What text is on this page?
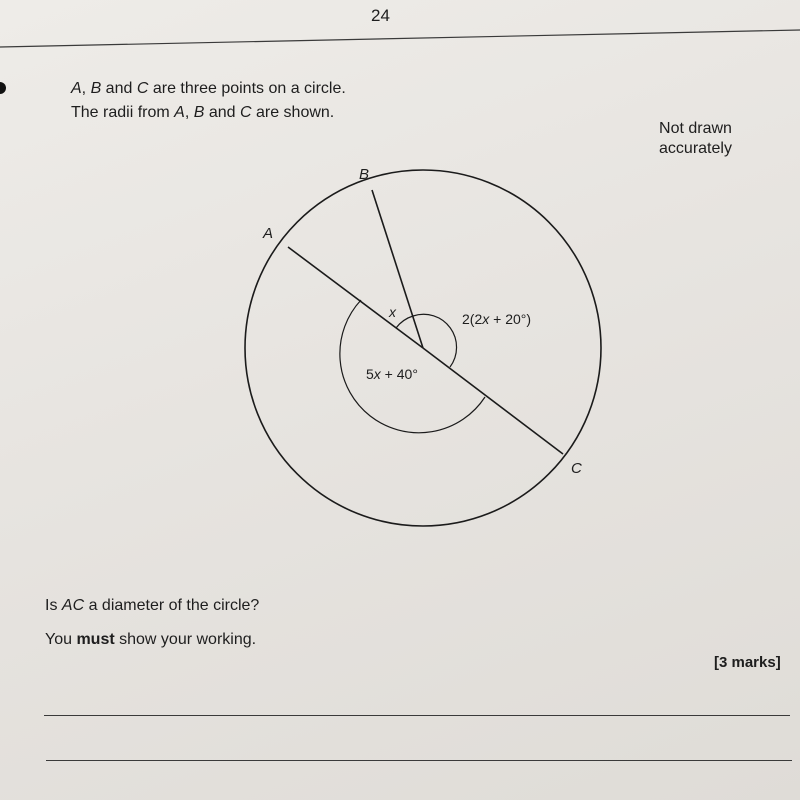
24
A, B and C are three points on a circle.
The radii from A, B and C are shown.
Not drawn
accurately
B
A
C
x	2(2x + 20°)
5x + 40°
Is AC a diameter of the circle?
You must show your working.
[3 marks]
